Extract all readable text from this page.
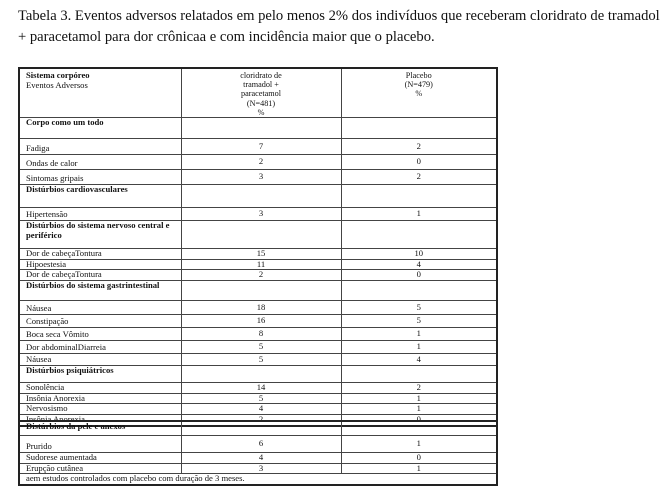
Tabela 3. Eventos adversos relatados em pelo menos 2% dos indivíduos que receberam cloridrato de tramadol + paracetamol para dor crônicaa e com incidência maior que o placebo.
Sistema corpóreo
Eventos Adversos	cloridrato de
tramadol +
paracetamol
(N=481)
%	Placebo
(N=479)
%
Corpo como um todo		
Fadiga	7	2
Ondas de calor	2	0
Sintomas gripais	3	2
Distúrbios cardiovasculares		
Hipertensão	3	1
Distúrbios do sistema nervoso central e periférico		
Dor de cabeçaTontura	15	10
Hipoestesia	11	4
Dor de cabeçaTontura	2	0
Distúrbios do sistema gastrintestinal		
Náusea	18	5
Constipação	16	5
Boca seca Vômito	8	1
Dor abdominalDiarreia	5	1
Náusea	5	4
Distúrbios psiquiátricos		
Sonolência	14	2
Insônia Anorexia	5	1
Nervosismo	4	1
Insônia Anorexia	2	0
Distúrbios da pele e anexos		
Prurido	6	1
Sudorese aumentada	4	0
Erupção cutânea	3	1
aem estudos controlados com placebo com duração de 3 meses.		
